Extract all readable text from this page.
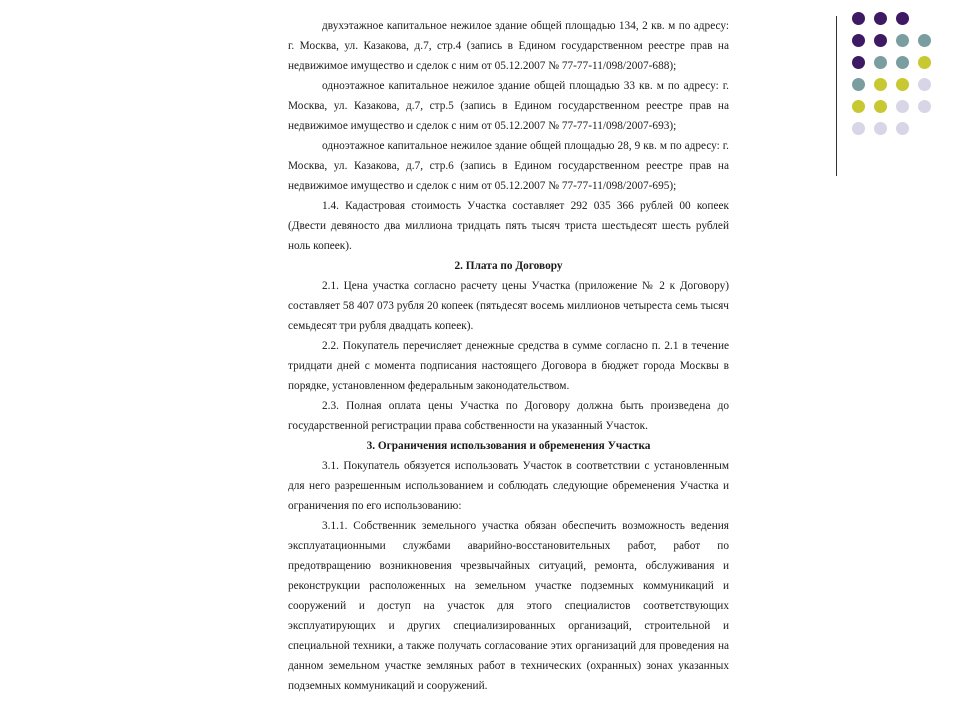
двухэтажное капитальное нежилое здание общей площадью 134, 2 кв. м по адресу: г. Москва, ул. Казакова, д.7, стр.4 (запись в Едином государственном реестре прав на недвижимое имущество и сделок с ним от 05.12.2007 № 77-77-11/098/2007-688);

одноэтажное капитальное нежилое здание общей площадью 33 кв. м по адресу: г. Москва, ул. Казакова, д.7, стр.5 (запись в Едином государственном реестре прав на недвижимое имущество и сделок с ним от 05.12.2007 № 77-77-11/098/2007-693);

одноэтажное капитальное нежилое здание общей площадью 28, 9 кв. м по адресу: г. Москва, ул. Казакова, д.7, стр.6 (запись в Едином государственном реестре прав на недвижимое имущество и сделок с ним от 05.12.2007 № 77-77-11/098/2007-695);

1.4. Кадастровая стоимость Участка составляет 292 035 366 рублей 00 копеек (Двести девяносто два миллиона тридцать пять тысяч триста шестьдесят шесть рублей ноль копеек).

2. Плата по Договору

2.1. Цена участка согласно расчету цены Участка (приложение № 2 к Договору) составляет 58 407 073 рубля 20 копеек (пятьдесят восемь миллионов четыреста семь тысяч семьдесят три рубля двадцать копеек).

2.2. Покупатель перечисляет денежные средства в сумме согласно п. 2.1 в течение тридцати дней с момента подписания настоящего Договора в бюджет города Москвы в порядке, установленном федеральным законодательством.

2.3. Полная оплата цены Участка по Договору должна быть произведена до государственной регистрации права собственности на указанный Участок.

3. Ограничения использования и обременения Участка

3.1. Покупатель обязуется использовать Участок в соответствии с установленным для него разрешенным использованием и соблюдать следующие обременения Участка и ограничения по его использованию:

3.1.1. Собственник земельного участка обязан обеспечить возможность ведения эксплуатационными службами аварийно-восстановительных работ, работ по предотвращению возникновения чрезвычайных ситуаций, ремонта, обслуживания и реконструкции расположенных на земельном участке подземных коммуникаций и сооружений и доступ на участок для этого специалистов соответствующих эксплуатирующих и других специализированных организаций, строительной и специальной техники, а также получать согласование этих организаций для проведения на данном земельном участке земляных работ в технических (охранных) зонах указанных подземных коммуникаций и сооружений.
